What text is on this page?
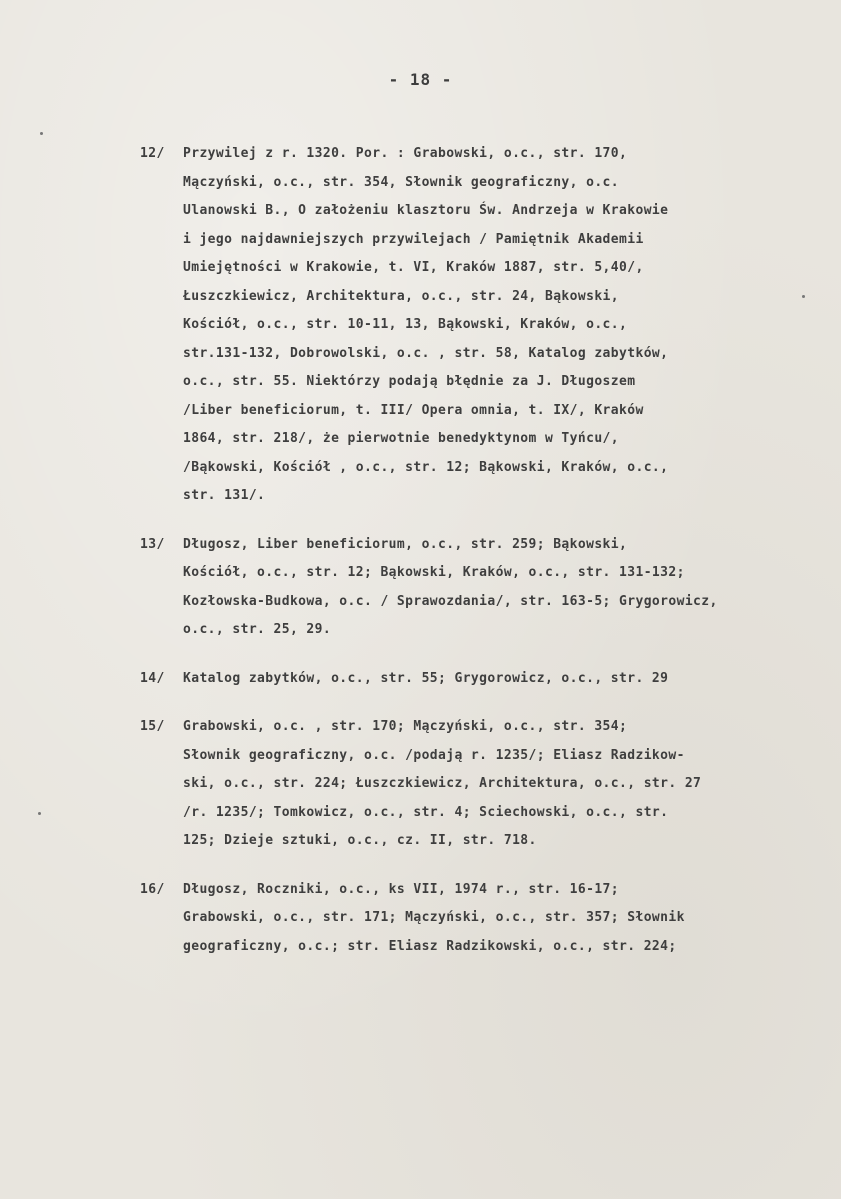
- 18 -
12/	Przywilej z r. 1320. Por. : Grabowski, o.c., str. 170,
Mączyński, o.c., str. 354, Słownik geograficzny, o.c.
Ulanowski B., O założeniu klasztoru Św. Andrzeja w Krakowie
i jego najdawniejszych przywilejach / Pamiętnik Akademii
Umiejętności w Krakowie, t. VI, Kraków 1887, str. 5,40/,
Łuszczkiewicz, Architektura, o.c., str. 24, Bąkowski,
Kościół, o.c., str. 10-11, 13, Bąkowski, Kraków, o.c.,
str.131-132, Dobrowolski, o.c. , str. 58, Katalog zabytków,
o.c., str. 55. Niektórzy podają błędnie za J. Długoszem
/Liber beneficiorum, t. III/ Opera omnia, t. IX/, Kraków
1864, str. 218/, że pierwotnie benedyktynom w Tyńcu/,
/Bąkowski, Kościół , o.c., str. 12; Bąkowski, Kraków, o.c.,
str. 131/.
13/	Długosz, Liber beneficiorum, o.c., str. 259; Bąkowski,
Kościół, o.c., str. 12; Bąkowski, Kraków, o.c., str. 131-132;
Kozłowska-Budkowa, o.c. / Sprawozdania/, str. 163-5; Grygorowicz,
o.c., str. 25, 29.
14/	Katalog zabytków, o.c., str. 55; Grygorowicz, o.c., str. 29
15/	Grabowski, o.c. , str. 170; Mączyński, o.c., str. 354;
Słownik geograficzny, o.c. /podają r. 1235/; Eliasz Radzikow-
ski, o.c., str. 224; Łuszczkiewicz, Architektura, o.c., str. 27
/r. 1235/; Tomkowicz, o.c., str. 4; Sciechowski, o.c., str.
125; Dzieje sztuki, o.c., cz. II, str. 718.
16/	Długosz, Roczniki, o.c., ks VII, 1974 r., str. 16-17;
Grabowski, o.c., str. 171; Mączyński, o.c., str. 357; Słownik
geograficzny, o.c.; str. Eliasz Radzikowski, o.c., str. 224;
